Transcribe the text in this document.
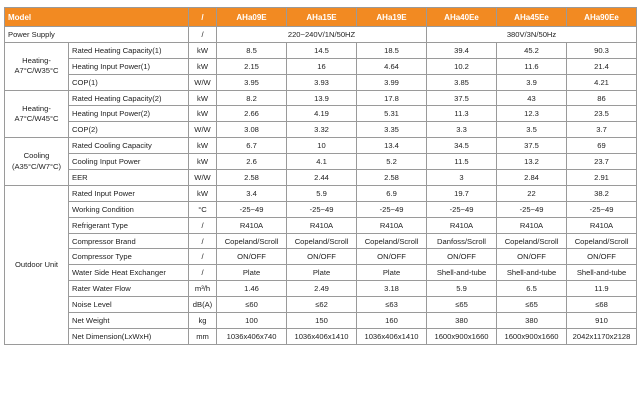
Model		/	AHa09E	AHa15E	AHa19E	AHa40Ee	AHa45Ee	AHa90Ee
Power Supply		/	220~240V/1N/50HZ			380V/3N/50Hz		
Heating-A7°C/W35°C	Rated Heating Capacity(1)	kW	8.5	14.5	18.5	39.4	45.2	90.3
	Heating Input Power(1)	kW	2.15	16	4.64	10.2	11.6	21.4
	COP(1)	W/W	3.95	3.93	3.99	3.85	3.9	4.21
Heating-A7°C/W45°C	Rated Heating Capacity(2)	kW	8.2	13.9	17.8	37.5	43	86
	Heating Input Power(2)	kW	2.66	4.19	5.31	11.3	12.3	23.5
	COP(2)	W/W	3.08	3.32	3.35	3.3	3.5	3.7
Cooling (A35°C/W7°C)	Rated Cooling Capacity	kW	6.7	10	13.4	34.5	37.5	69
	Cooling Input Power	kW	2.6	4.1	5.2	11.5	13.2	23.7
	EER	W/W	2.58	2.44	2.58	3	2.84	2.91
Outdoor Unit	Rated Input Power	kW	3.4	5.9	6.9	19.7	22	38.2
	Working Condition	°C	-25~49	-25~49	-25~49	-25~49	-25~49	-25~49
	Refrigerant Type	/	R410A	R410A	R410A	R410A	R410A	R410A
	Compressor Brand	/	Copeland/Scroll	Copeland/Scroll	Copeland/Scroll	Danfoss/Scroll	Copeland/Scroll	Copeland/Scroll
	Compressor Type	/	ON/OFF	ON/OFF	ON/OFF	ON/OFF	ON/OFF	ON/OFF
	Water Side Heat Exchanger	/	Plate	Plate	Plate	Shell-and-tube	Shell-and-tube	Shell-and-tube
	Rater Water Flow	m³/h	1.46	2.49	3.18	5.9	6.5	11.9
	Noise Level	dB(A)	≤60	≤62	≤63	≤65	≤65	≤68
	Net Weight	kg	100	150	160	380	380	910
	Net Dimension(LxWxH)	mm	1036x406x740	1036x406x1410	1036x406x1410	1600x900x1660	1600x900x1660	2042x1170x2128
